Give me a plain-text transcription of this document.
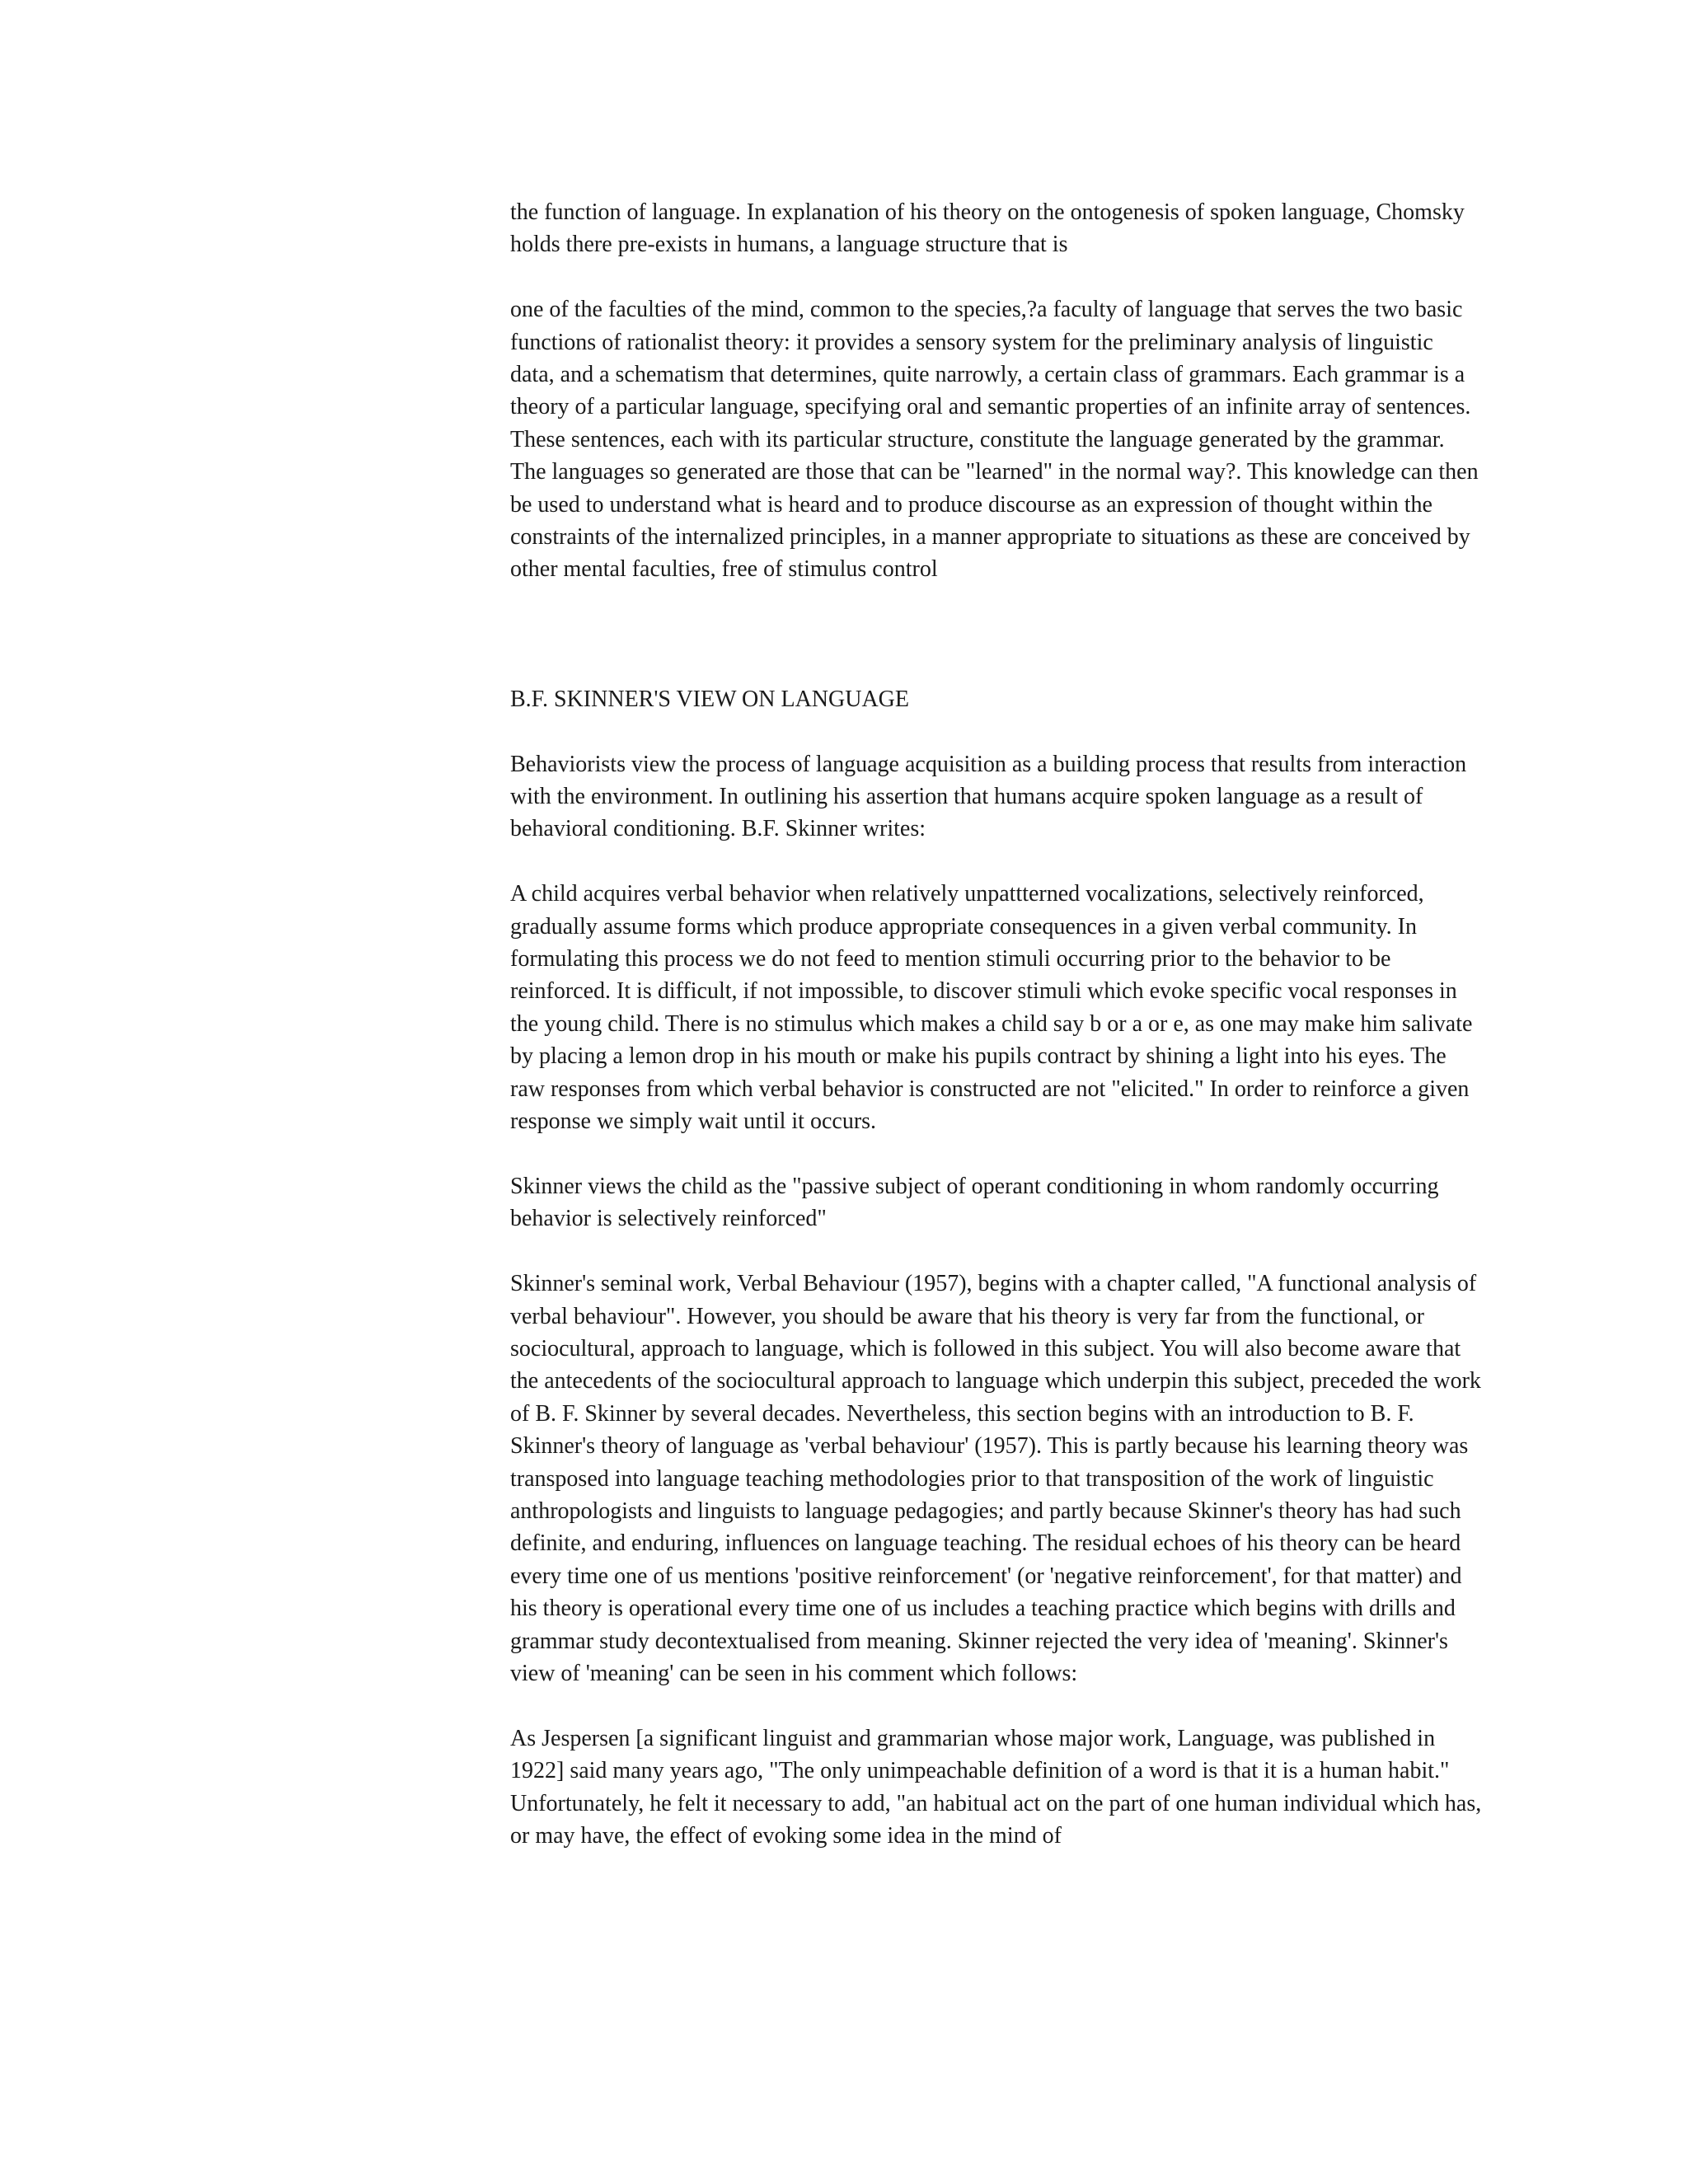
the function of language. In explanation of his theory on the ontogenesis of spoken language, Chomsky holds there pre-exists in humans, a language structure that is

one of the faculties of the mind, common to the species,?a faculty of language that serves the two basic functions of rationalist theory: it provides a sensory system for the preliminary analysis of linguistic data, and a schematism that determines, quite narrowly, a certain class of grammars. Each grammar is a theory of a particular language, specifying oral and semantic properties of an infinite array of sentences. These sentences, each with its particular structure, constitute the language generated by the grammar. The languages so generated are those that can be "learned" in the normal way?. This knowledge can then be used to understand what is heard and to produce discourse as an expression of thought within the constraints of the internalized principles, in a manner appropriate to situations as these are conceived by other mental faculties, free of stimulus control

B.F. SKINNER'S VIEW ON LANGUAGE

Behaviorists view the process of language acquisition as a building process that results from interaction with the environment. In outlining his assertion that humans acquire spoken language as a result of behavioral conditioning. B.F. Skinner writes:

A child acquires verbal behavior when relatively unpattterned vocalizations, selectively reinforced, gradually assume forms which produce appropriate consequences in a given verbal community. In formulating this process we do not feed to mention stimuli occurring prior to the behavior to be reinforced. It is difficult, if not impossible, to discover stimuli which evoke specific vocal responses in the young child. There is no stimulus which makes a child say b or a or e, as one may make him salivate by placing a lemon drop in his mouth or make his pupils contract by shining a light into his eyes. The raw responses from which verbal behavior is constructed are not "elicited." In order to reinforce a given response we simply wait until it occurs.

Skinner views the child as the "passive subject of operant conditioning in whom randomly occurring behavior is selectively reinforced"

Skinner's seminal work, Verbal Behaviour (1957), begins with a chapter called, "A functional analysis of verbal behaviour". However, you should be aware that his theory is very far from the functional, or sociocultural, approach to language, which is followed in this subject. You will also become aware that the antecedents of the sociocultural approach to language which underpin this subject, preceded the work of B. F. Skinner by several decades. Nevertheless, this section begins with an introduction to B. F. Skinner's theory of language as 'verbal behaviour' (1957). This is partly because his learning theory was transposed into language teaching methodologies prior to that transposition of the work of linguistic anthropologists and linguists to language pedagogies; and partly because Skinner's theory has had such definite, and enduring, influences on language teaching. The residual echoes of his theory can be heard every time one of us mentions 'positive reinforcement' (or 'negative reinforcement', for that matter) and his theory is operational every time one of us includes a teaching practice which begins with drills and grammar study decontextualised from meaning. Skinner rejected the very idea of 'meaning'. Skinner's view of 'meaning' can be seen in his comment which follows:

As Jespersen [a significant linguist and grammarian whose major work, Language, was published in 1922] said many years ago, "The only unimpeachable definition of a word is that it is a human habit." Unfortunately, he felt it necessary to add, "an habitual act on the part of one human individual which has, or may have, the effect of evoking some idea in the mind of
